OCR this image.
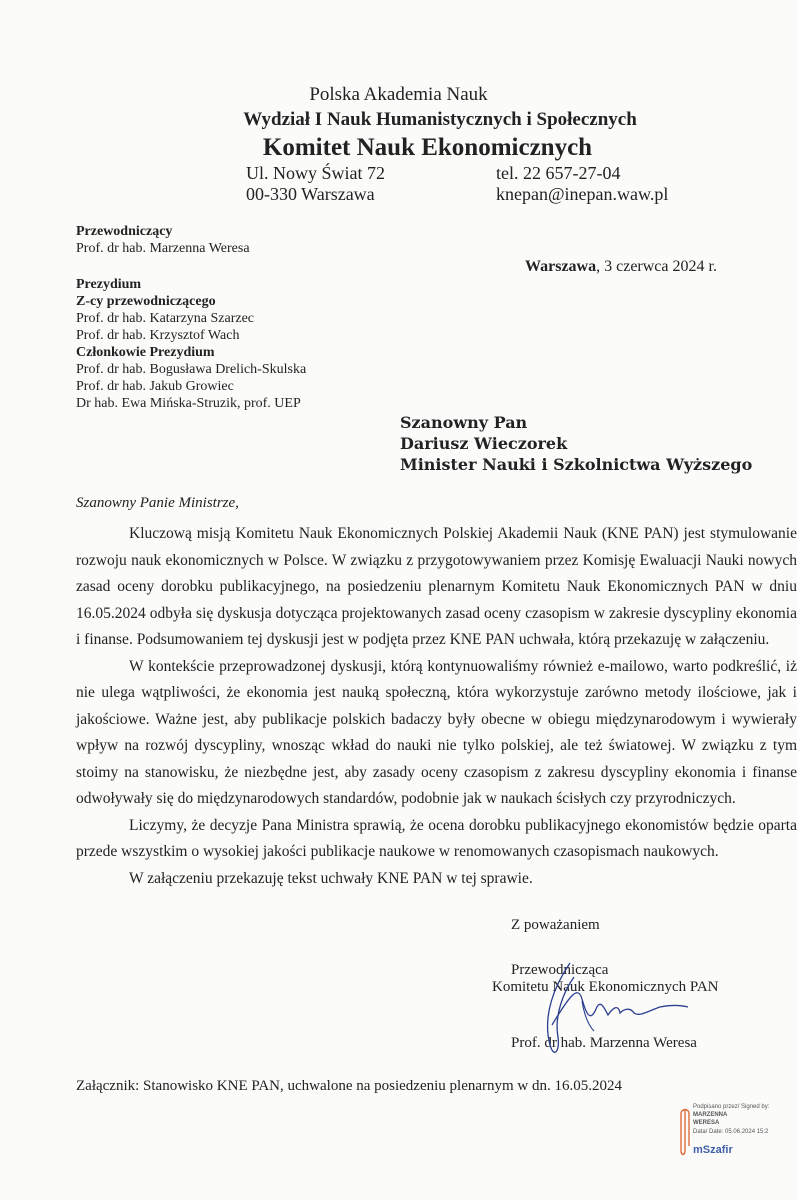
Polska Akademia Nauk
Wydział I Nauk Humanistycznych i Społecznych
Komitet Nauk Ekonomicznych
Ul. Nowy Świat 72
00-330 Warszawa
tel. 22 657-27-04
knepan@inepan.waw.pl
Przewodniczący
Prof. dr hab. Marzenna Weresa
Prezydium
Z-cy przewodniczącego
Prof. dr hab. Katarzyna Szarzec
Prof. dr hab. Krzysztof Wach
Członkowie Prezydium
Prof. dr hab. Bogusława Drelich-Skulska
Prof. dr hab. Jakub Growiec
Dr hab. Ewa Mińska-Struzik, prof. UEP
Warszawa, 3 czerwca 2024 r.
Szanowny Pan
Dariusz Wieczorek
Minister Nauki i Szkolnictwa Wyższego
Szanowny Panie Ministrze,

Kluczową misją Komitetu Nauk Ekonomicznych Polskiej Akademii Nauk (KNE PAN) jest stymulowanie rozwoju nauk ekonomicznych w Polsce. W związku z przygotowywaniem przez Komisję Ewaluacji Nauki nowych zasad oceny dorobku publikacyjnego, na posiedzeniu plenarnym Komitetu Nauk Ekonomicznych PAN w dniu 16.05.2024 odbyła się dyskusja dotycząca projektowanych zasad oceny czasopism w zakresie dyscypliny ekonomia i finanse. Podsumowaniem tej dyskusji jest w podjęta przez KNE PAN uchwała, którą przekazuję w załączeniu.

W kontekście przeprowadzonej dyskusji, którą kontynuowaliśmy również e-mailowo, warto podkreślić, iż nie ulega wątpliwości, że ekonomia jest nauką społeczną, która wykorzystuje zarówno metody ilościowe, jak i jakościowe. Ważne jest, aby publikacje polskich badaczy były obecne w obiegu międzynarodowym i wywierały wpływ na rozwój dyscypliny, wnosząc wkład do nauki nie tylko polskiej, ale też światowej. W związku z tym stoimy na stanowisku, że niezbędne jest, aby zasady oceny czasopism z zakresu dyscypliny ekonomia i finanse odwoływały się do międzynarodowych standardów, podobnie jak w naukach ścisłych czy przyrodniczych.

Liczymy, że decyzje Pana Ministra sprawią, że ocena dorobku publikacyjnego ekonomistów będzie oparta przede wszystkim o wysokiej jakości publikacje naukowe w renomowanych czasopismach naukowych.

W załączeniu przekazuję tekst uchwały KNE PAN w tej sprawie.

Z poważaniem
Przewodnicząca
Komitetu Nauk Ekonomicznych PAN
Prof. dr hab. Marzenna Weresa
Załącznik: Stanowisko KNE PAN, uchwalone na posiedzeniu plenarnym w dn. 16.05.2024
Podpisano przez/ Signed by:
MARZENNA
WERESA
Data/ Date: 05.06.2024 15:2
mSzafir
